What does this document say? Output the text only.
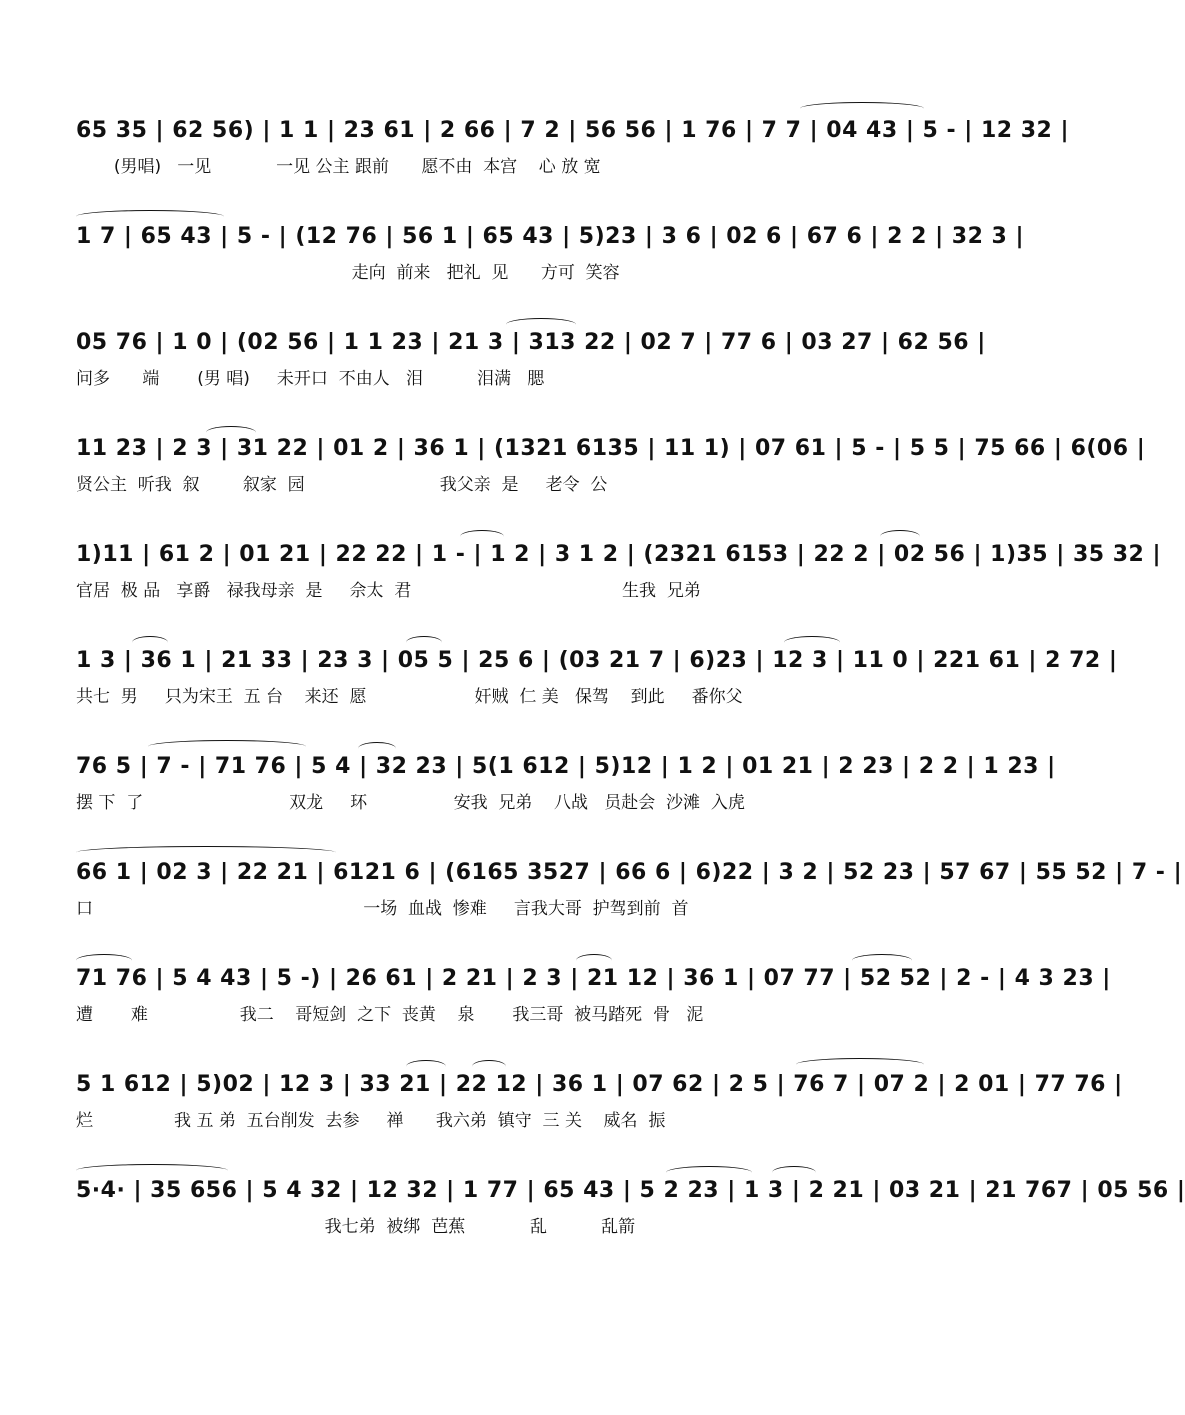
65 35 | 62 56) | 1 1 | 23 61 | 2 66 | 7 2 | 56 56 | 1 76 | 7 7 | 04 43 | 5 - | 12 32 |
(男唱)   一见            一见 公主 跟前      愿不由  本宫    心 放 宽
1 7 | 65 43 | 5 - | (12 76 | 56 1 | 65 43 | 5)23 | 3 6 | 02 6 | 67 6 | 2 2 | 32 3 |
走向  前来   把礼  见      方可  笑容
05 76 | 1 0 | (02 56 | 1 1 23 | 21 3 | 313 22 | 02 7 | 77 6 | 03 27 | 62 56 |
问多      端       (男 唱)     未开口  不由人   泪          泪满   腮
11 23 | 2 3 | 31 22 | 01 2 | 36 1 | (1321 6135 | 11 1) | 07 61 | 5 - | 5 5 | 75 66 | 6(06 |
贤公主  听我  叙        叙家  园                         我父亲  是     老令  公
1)11 | 61 2 | 01 21 | 22 22 | 1 - | 1 2 | 3 1 2 | (2321 6153 | 22 2 | 02 56 | 1)35 | 35 32 |
官居  极 品   享爵   禄我母亲  是     佘太  君                                       生我  兄弟
1 3 | 36 1 | 21 33 | 23 3 | 05 5 | 25 6 | (03 21 7 | 6)23 | 12 3 | 11 0 | 221 61 | 2 72 |
共七  男     只为宋王  五 台    来还  愿                    奸贼  仁 美   保驾    到此     番你父
76 5 | 7 - | 71 76 | 5 4 | 32 23 | 5(1 612 | 5)12 | 1 2 | 01 21 | 2 23 | 2 2 | 1 23 |
摆 下  了                           双龙     环                安我  兄弟    八战   员赴会  沙滩  入虎
66 1 | 02 3 | 22 21 | 6121 6 | (6165 3527 | 66 6 | 6)22 | 3 2 | 52 23 | 57 67 | 55 52 | 7 - |
口                                                  一场  血战  惨难     言我大哥  护驾到前  首
71 76 | 5 4 43 | 5 -) | 26 61 | 2 21 | 2 3 | 21 12 | 36 1 | 07 77 | 52 52 | 2 - | 4 3 23 |
遭       难                 我二    哥短剑  之下  丧黄    泉       我三哥  被马踏死  骨   泥
5 1 612 | 5)02 | 12 3 | 33 21 | 22 12 | 36 1 | 07 62 | 2 5 | 76 7 | 07 2 | 2 01 | 77 76 |
烂               我 五 弟  五台削发  去参     禅      我六弟  镇守  三 关    威名  振
5·4· | 35 656 | 5 4 32 | 12 32 | 1 77 | 65 43 | 5 2 23 | 1 3 | 2 21 | 03 21 | 21 767 | 05 56 |
我七弟  被绑  芭蕉            乱          乱箭
